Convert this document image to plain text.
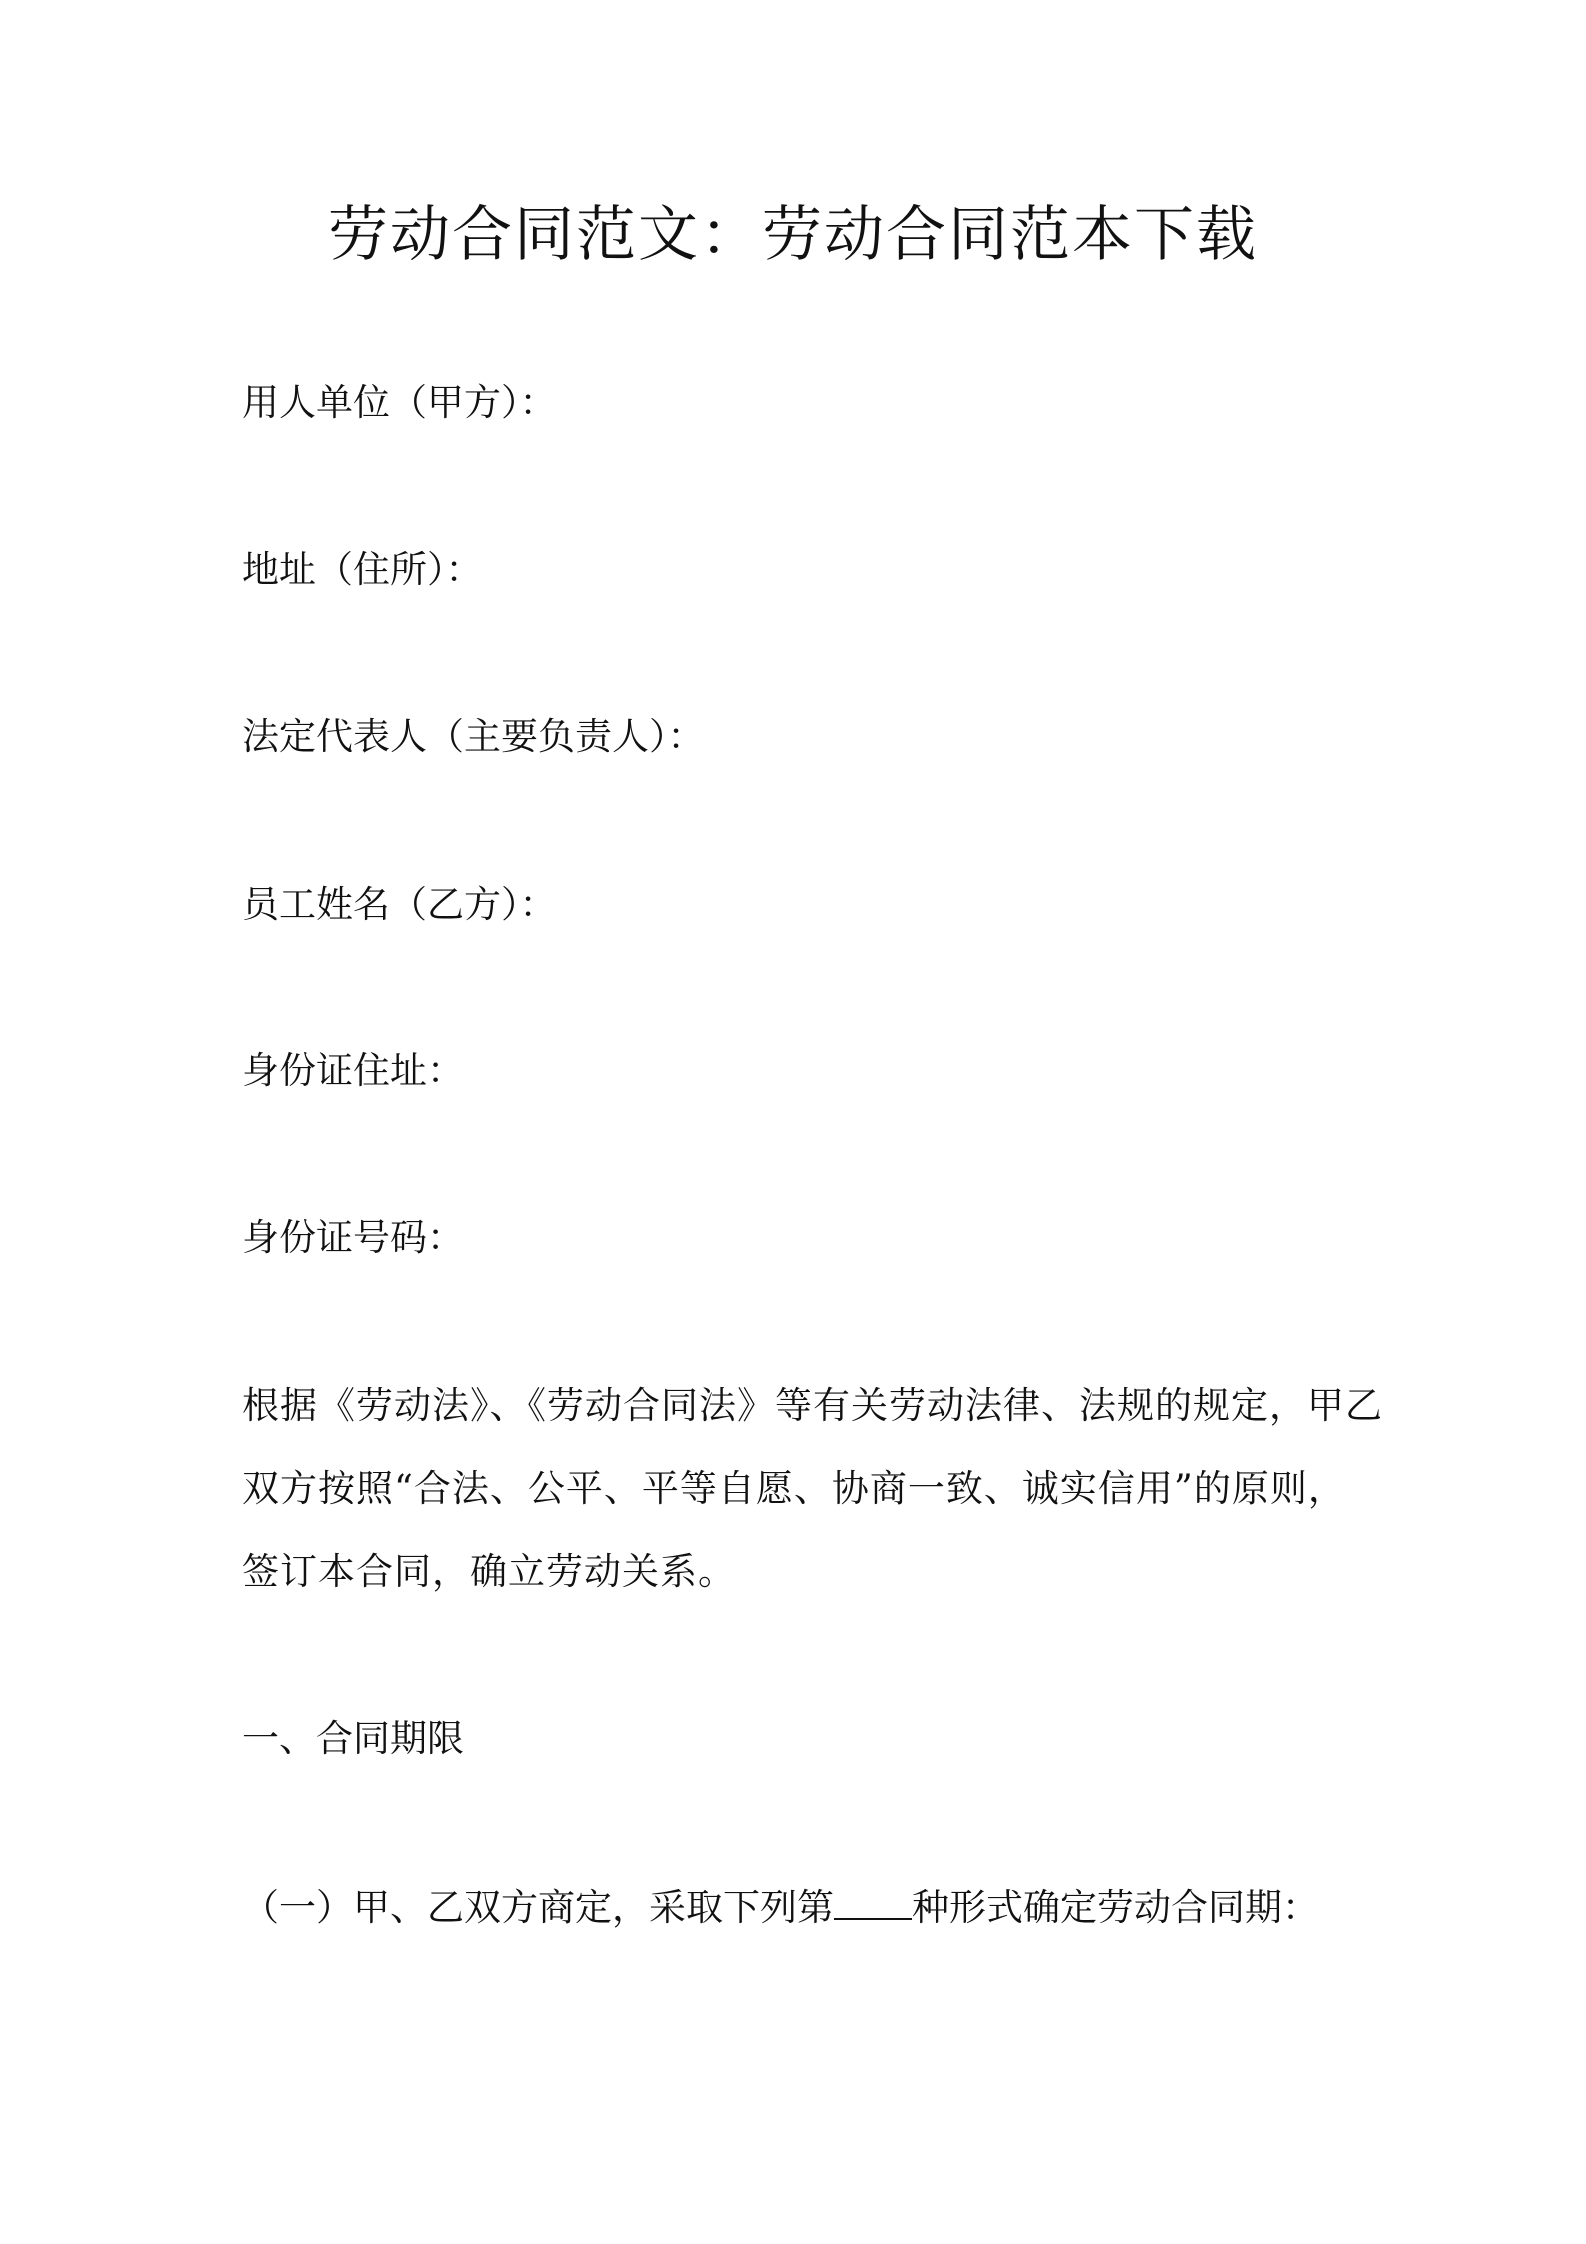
劳动合同范文：劳动合同范本下载
用人单位（甲方）：
地址（住所）：
法定代表人（主要负责人）：
员工姓名（乙方）：
身份证住址：
身份证号码：
根据《劳动法》、《劳动合同法》等有关劳动法律、法规的规定，甲乙
双方按照“合法、公平、平等自愿、协商一致、诚实信用”的原则，
签订本合同，确立劳动关系。
一、合同期限
（一）甲、乙双方商定，采取下列第 种形式确定劳动合同期：
